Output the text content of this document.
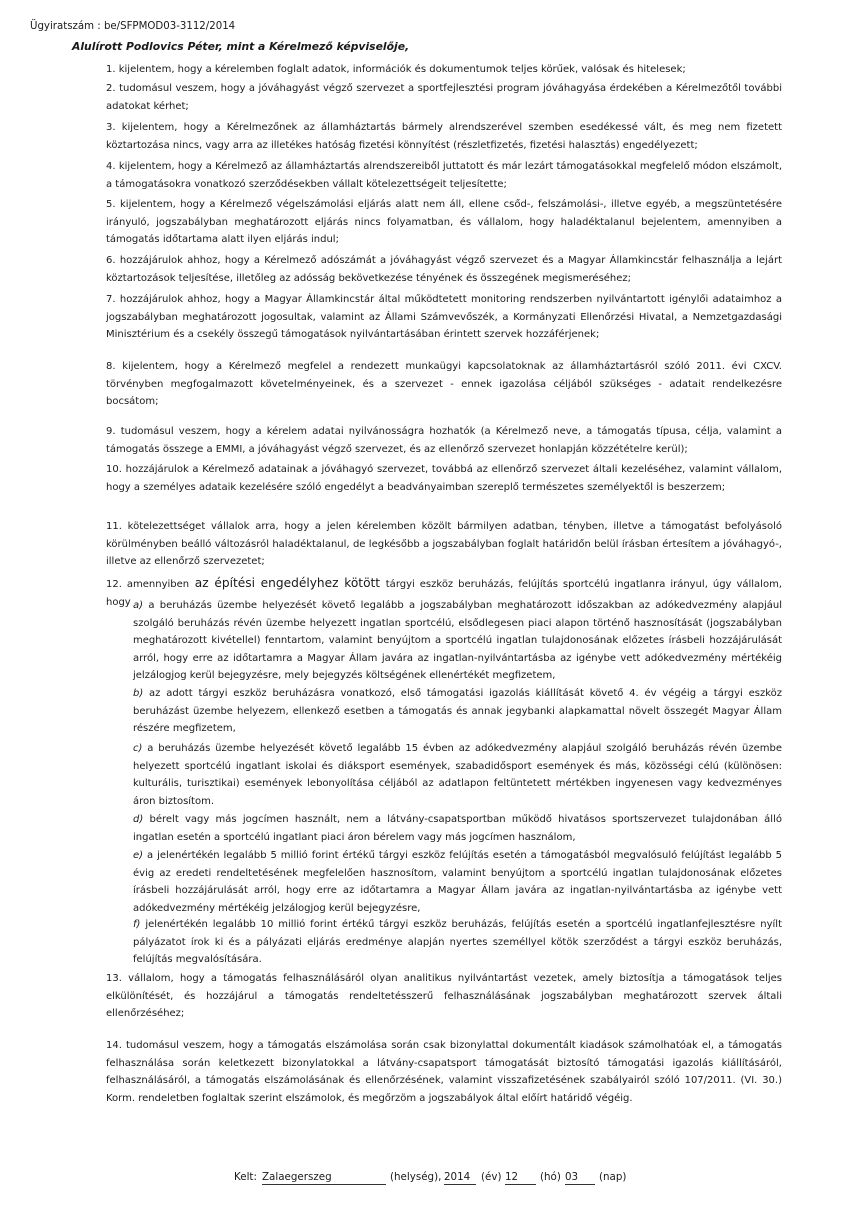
Ügyiratszám : be/SFPMOD03-3112/2014
Alulírott Podlovics Péter, mint a Kérelmező képviselője,
1. kijelentem, hogy a kérelemben foglalt adatok, információk és dokumentumok teljes körűek, valósak és hitelesek;
2. tudomásul veszem, hogy a jóváhagyást végző szervezet a sportfejlesztési program jóváhagyása érdekében a Kérelmezőtől további adatokat kérhet;
3. kijelentem, hogy a Kérelmezőnek az államháztartás bármely alrendszerével szemben esedékessé vált, és meg nem fizetett köztartozása nincs, vagy arra az illetékes hatóság fizetési könnyítést (részletfizetés, fizetési halasztás) engedélyezett;
4. kijelentem, hogy a Kérelmező az államháztartás alrendszereiből juttatott és már lezárt támogatásokkal megfelelő módon elszámolt, a támogatásokra vonatkozó szerződésekben vállalt kötelezettségeit teljesítette;
5. kijelentem, hogy a Kérelmező végelszámolási eljárás alatt nem áll, ellene csőd-, felszámolási-, illetve egyéb, a megszüntetésére irányuló, jogszabályban meghatározott eljárás nincs folyamatban, és vállalom, hogy haladéktalanul bejelentem, amennyiben a támogatás időtartama alatt ilyen eljárás indul;
6. hozzájárulok ahhoz, hogy a Kérelmező adószámát a jóváhagyást végző szervezet és a Magyar Államkincstár felhasználja a lejárt köztartozások teljesítése, illetőleg az adósság bekövetkezése tényének és összegének megismeréséhez;
7. hozzájárulok ahhoz, hogy a Magyar Államkincstár által működtetett monitoring rendszerben nyilvántartott igénylői adataimhoz a jogszabályban meghatározott jogosultak, valamint az Állami Számvevőszék, a Kormányzati Ellenőrzési Hivatal, a Nemzetgazdasági Minisztérium és a csekély összegű támogatások nyilvántartásában érintett szervek hozzáférjenek;
8. kijelentem, hogy a Kérelmező megfelel a rendezett munkaügyi kapcsolatoknak az államháztartásról szóló 2011. évi CXCV. törvényben megfogalmazott követelményeinek, és a szervezet - ennek igazolása céljából szükséges - adatait rendelkezésre bocsátom;
9. tudomásul veszem, hogy a kérelem adatai nyilvánosságra hozhatók (a Kérelmező neve, a támogatás típusa, célja, valamint a támogatás összege a EMMI, a jóváhagyást végző szervezet, és az ellenőrző szervezet honlapján közzétételre kerül);
10. hozzájárulok a Kérelmező adatainak a jóváhagyó szervezet, továbbá az ellenőrző szervezet általi kezeléséhez, valamint vállalom, hogy a személyes adataik kezelésére szóló engedélyt a beadványaimban szereplő természetes személyektől is beszerzem;
11. kötelezettséget vállalok arra, hogy a jelen kérelemben közölt bármilyen adatban, tényben, illetve a támogatást befolyásoló körülményben beálló változásról haladéktalanul, de legkésőbb a jogszabályban foglalt határidőn belül írásban értesítem a jóváhagyó-, illetve az ellenőrző szervezetet;
12. amennyiben az építési engedélyhez kötött tárgyi eszköz beruházás, felújítás sportcélú ingatlanra irányul, úgy vállalom, hogy a) a beruházás üzembe helyezését követő legalább a jogszabályban meghatározott időszakban az adókedvezmény alapjául szolgáló beruházás révén üzembe helyezett ingatlan sportcélú, elsődlegesen piaci alapon történő hasznosítását (jogszabályban meghatározott kivétellel) fenntartom, valamint benyújtom a sportcélú ingatlan tulajdonosának előzetes írásbeli hozzájárulását arról, hogy erre az időtartamra a Magyar Állam javára az ingatlan-nyilvántartásba az igénybe vett adókedvezmény mértékéig jelzálogjog kerül bejegyzésre, mely bejegyzés költségének ellenértékét megfizetem,
b) az adott tárgyi eszköz beruházásra vonatkozó, első támogatási igazolás kiállítását követő 4. év végéig a tárgyi eszköz beruházást üzembe helyezem, ellenkező esetben a támogatás és annak jegybanki alapkamattal növelt összegét Magyar Állam részére megfizetem,
c) a beruházás üzembe helyezését követő legalább 15 évben az adókedvezmény alapjául szolgáló beruházás révén üzembe helyezett sportcélú ingatlant iskolai és diáksport események, szabadidősport események és más, közösségi célú (különösen: kulturális, turisztikai) események lebonyolítása céljából az adatlapon feltüntetett mértékben ingyenesen vagy kedvezményes áron biztosítom.
d) bérelt vagy más jogcímen használt, nem a látvány-csapatsportban működő hivatásos sportszervezet tulajdonában álló ingatlan esetén a sportcélú ingatlant piaci áron bérelem vagy más jogcímen használom,
e) a jelenértékén legalább 5 millió forint értékű tárgyi eszköz felújítás esetén a támogatásból megvalósuló felújítást legalább 5 évig az eredeti rendeltetésének megfelelően hasznosítom, valamint benyújtom a sportcélú ingatlan tulajdonosának előzetes írásbeli hozzájárulását arról, hogy erre az időtartamra a Magyar Állam javára az ingatlan-nyilvántartásba az igénybe vett adókedvezmény mértékéig jelzálogjog kerül bejegyzésre,
f) jelenértékén legalább 10 millió forint értékű tárgyi eszköz beruházás, felújítás esetén a sportcélú ingatlanfejlesztésre nyílt pályázatot írok ki és a pályázati eljárás eredménye alapján nyertes személlyel kötök szerződést a tárgyi eszköz beruházás, felújítás megvalósítására.
13. vállalom, hogy a támogatás felhasználásáról olyan analitikus nyilvántartást vezetek, amely biztosítja a támogatások teljes elkülönítését, és hozzájárul a támogatás rendeltetésszerű felhasználásának jogszabályban meghatározott szervek általi ellenőrzéséhez;
14. tudomásul veszem, hogy a támogatás elszámolása során csak bizonylattal dokumentált kiadások számolhatóak el, a támogatás felhasználása során keletkezett bizonylatokkal a látvány-csapatsport támogatását biztosító támogatási igazolás kiállításáról, felhasználásáról, a támogatás elszámolásának és ellenőrzésének, valamint visszafizetésének szabályairól szóló 107/2011. (VI. 30.) Korm. rendeletben foglaltak szerint elszámolok, és megőrzöm a jogszabályok által előírt határidő végéig.
Kelt: Zalaegerszeg	(helység), 2014	(év) 12	(hó) 03	(nap)
